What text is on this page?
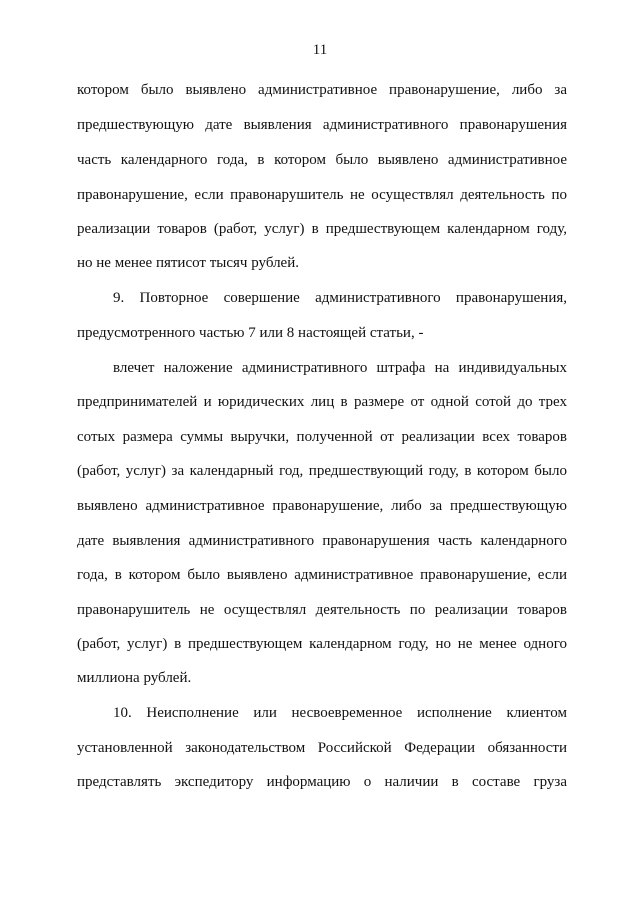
11
котором было выявлено административное правонарушение, либо за
предшествующую дате выявления административного правонарушения
часть календарного года, в котором было выявлено административное
правонарушение, если правонарушитель не осуществлял деятельность по
реализации товаров (работ, услуг) в предшествующем календарном году,
но не менее пятисот тысяч рублей.
9. Повторное совершение административного правонарушения,
предусмотренного частью 7 или 8 настоящей статьи, -
влечет наложение административного штрафа на индивидуальных
предпринимателей и юридических лиц в размере от одной сотой до трех
сотых размера суммы выручки, полученной от реализации всех товаров
(работ, услуг) за календарный год, предшествующий году, в котором было
выявлено административное правонарушение, либо за предшествующую
дате выявления административного правонарушения часть календарного
года, в котором было выявлено административное правонарушение, если
правонарушитель не осуществлял деятельность по реализации товаров
(работ, услуг) в предшествующем календарном году, но не менее одного
миллиона рублей.
10. Неисполнение или несвоевременное исполнение клиентом
установленной законодательством Российской Федерации обязанности
представлять экспедитору информацию о наличии в составе груза
